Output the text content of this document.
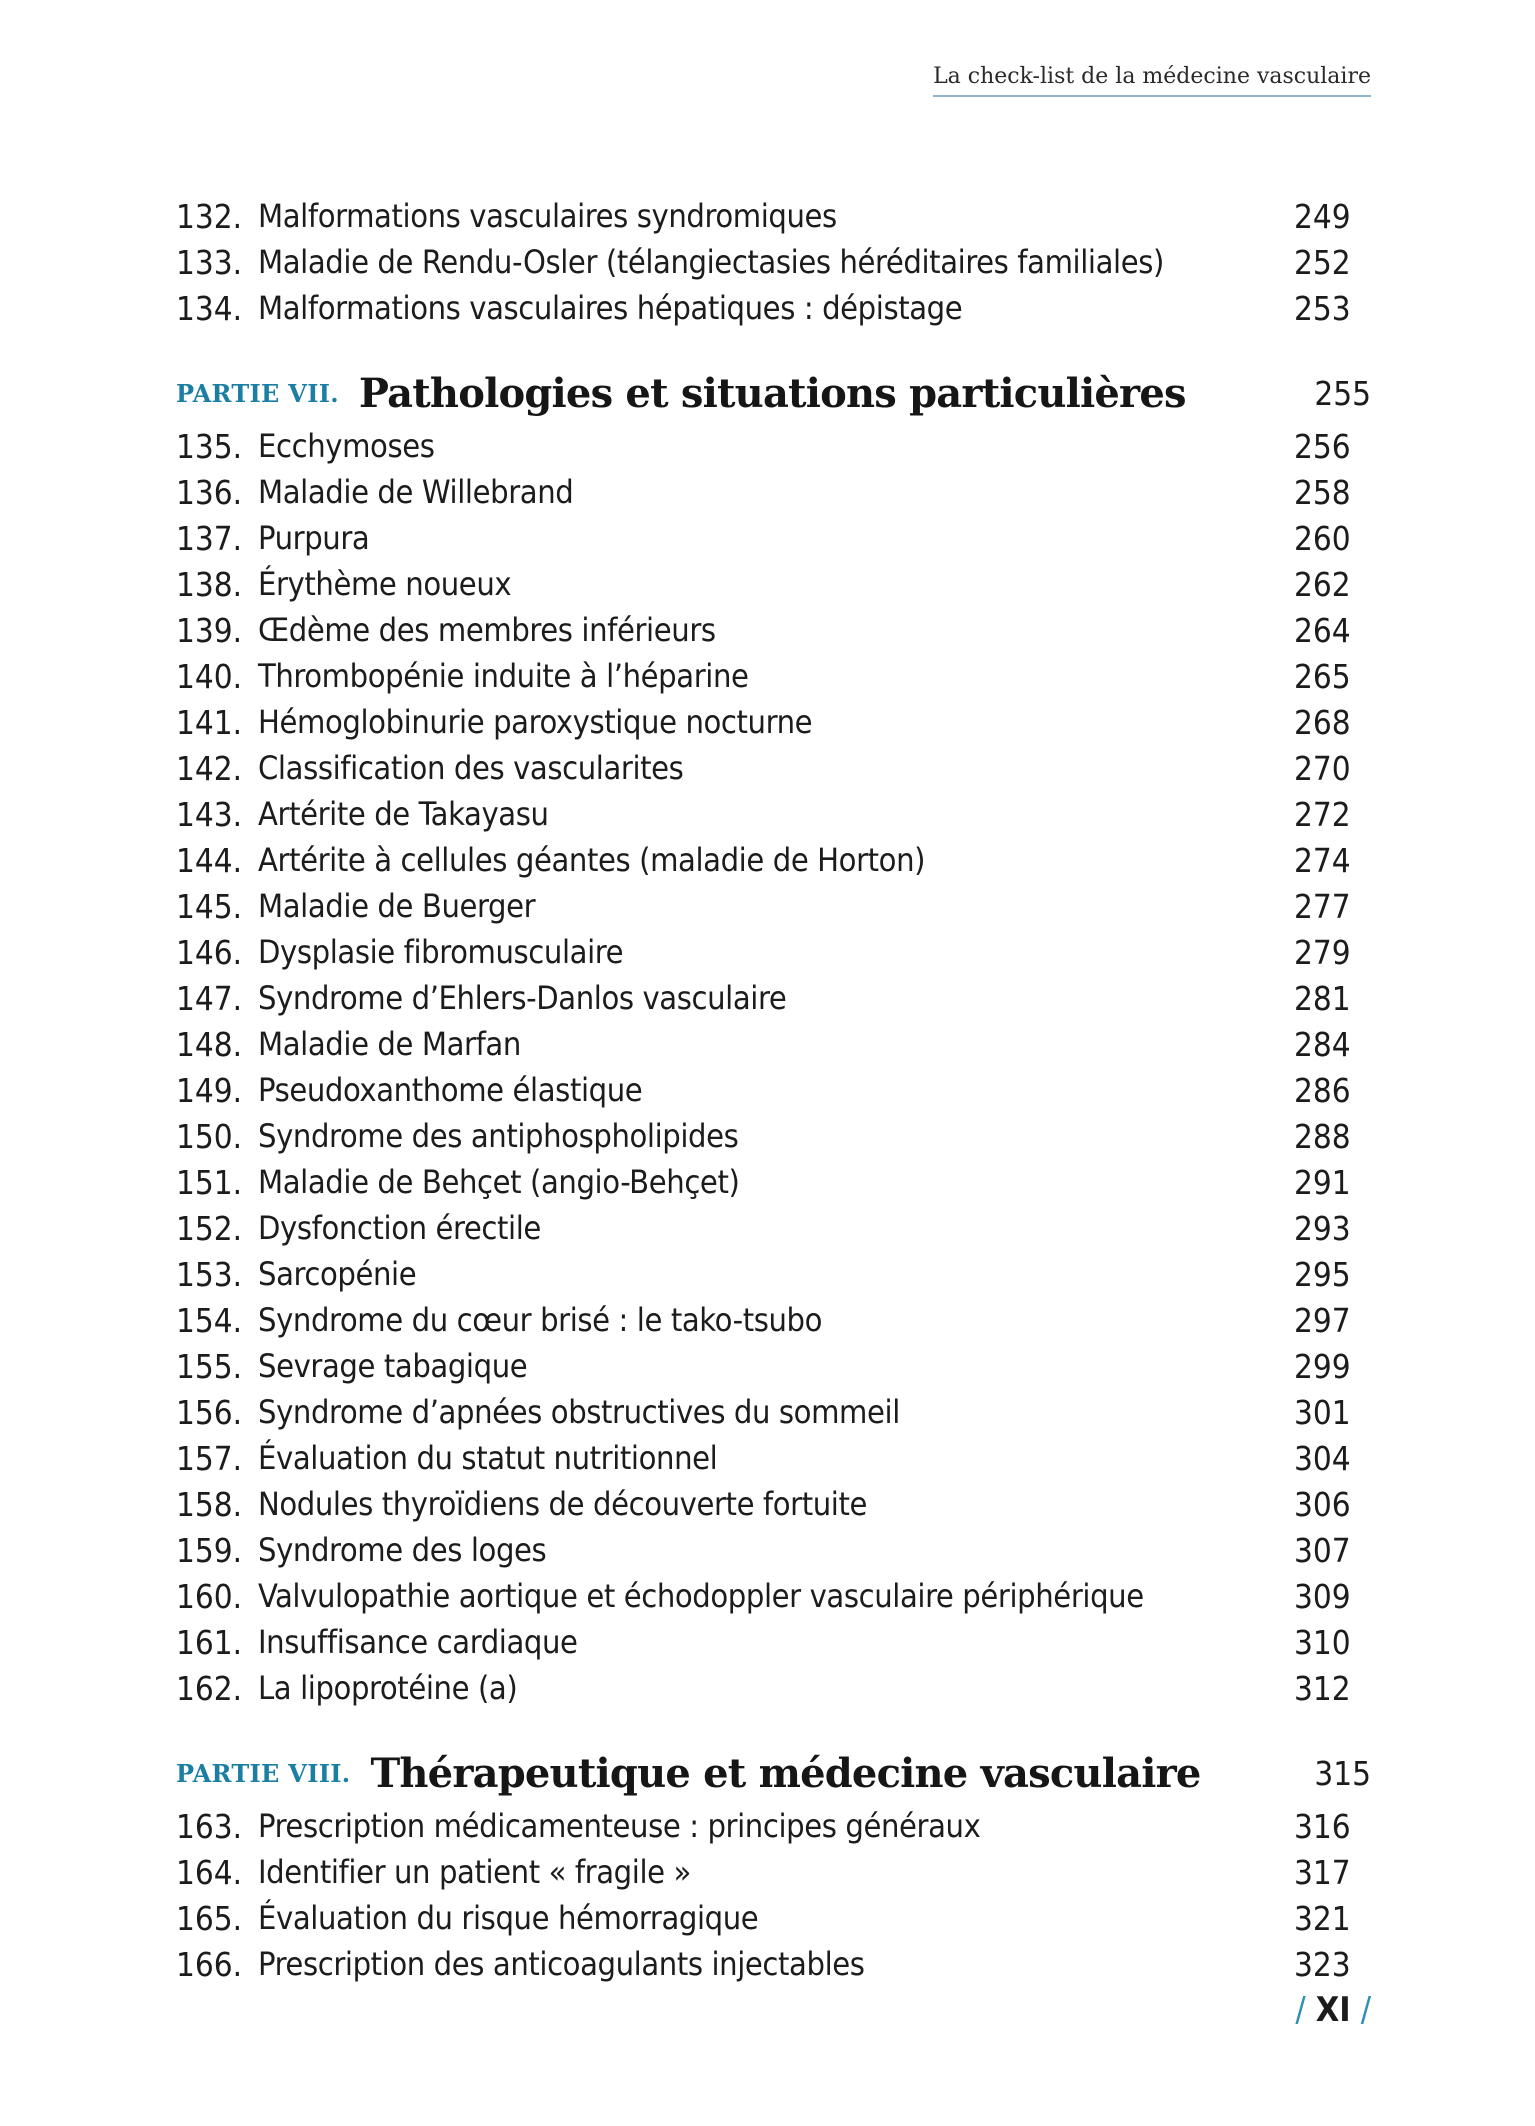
La check-list de la médecine vasculaire
132. Malformations vasculaires syndromiques	249
133. Maladie de Rendu-Osler (télangiectasies héréditaires familiales)	252
134. Malformations vasculaires hépatiques : dépistage	253
PARTIE VII. Pathologies et situations particulières	255
135. Ecchymoses	256
136. Maladie de Willebrand	258
137. Purpura	260
138. Érythème noueux	262
139. Œdème des membres inférieurs	264
140. Thrombopénie induite à l’héparine	265
141. Hémoglobinurie paroxystique nocturne	268
142. Classification des vascularites	270
143. Artérite de Takayasu	272
144. Artérite à cellules géantes (maladie de Horton)	274
145. Maladie de Buerger	277
146. Dysplasie fibromusculaire	279
147. Syndrome d’Ehlers-Danlos vasculaire	281
148. Maladie de Marfan	284
149. Pseudoxanthome élastique	286
150. Syndrome des antiphospholipides	288
151. Maladie de Behçet (angio-Behçet)	291
152. Dysfonction érectile	293
153. Sarcopénie	295
154. Syndrome du cœur brisé : le tako-tsubo	297
155. Sevrage tabagique	299
156. Syndrome d’apnées obstructives du sommeil	301
157. Évaluation du statut nutritionnel	304
158. Nodules thyroïdiens de découverte fortuite	306
159. Syndrome des loges	307
160. Valvulopathie aortique et échodoppler vasculaire périphérique	309
161. Insuffisance cardiaque	310
162. La lipoprotéine (a)	312
PARTIE VIII. Thérapeutique et médecine vasculaire	315
163. Prescription médicamenteuse : principes généraux	316
164. Identifier un patient « fragile »	317
165. Évaluation du risque hémorragique	321
166. Prescription des anticoagulants injectables	323
/ XI /
